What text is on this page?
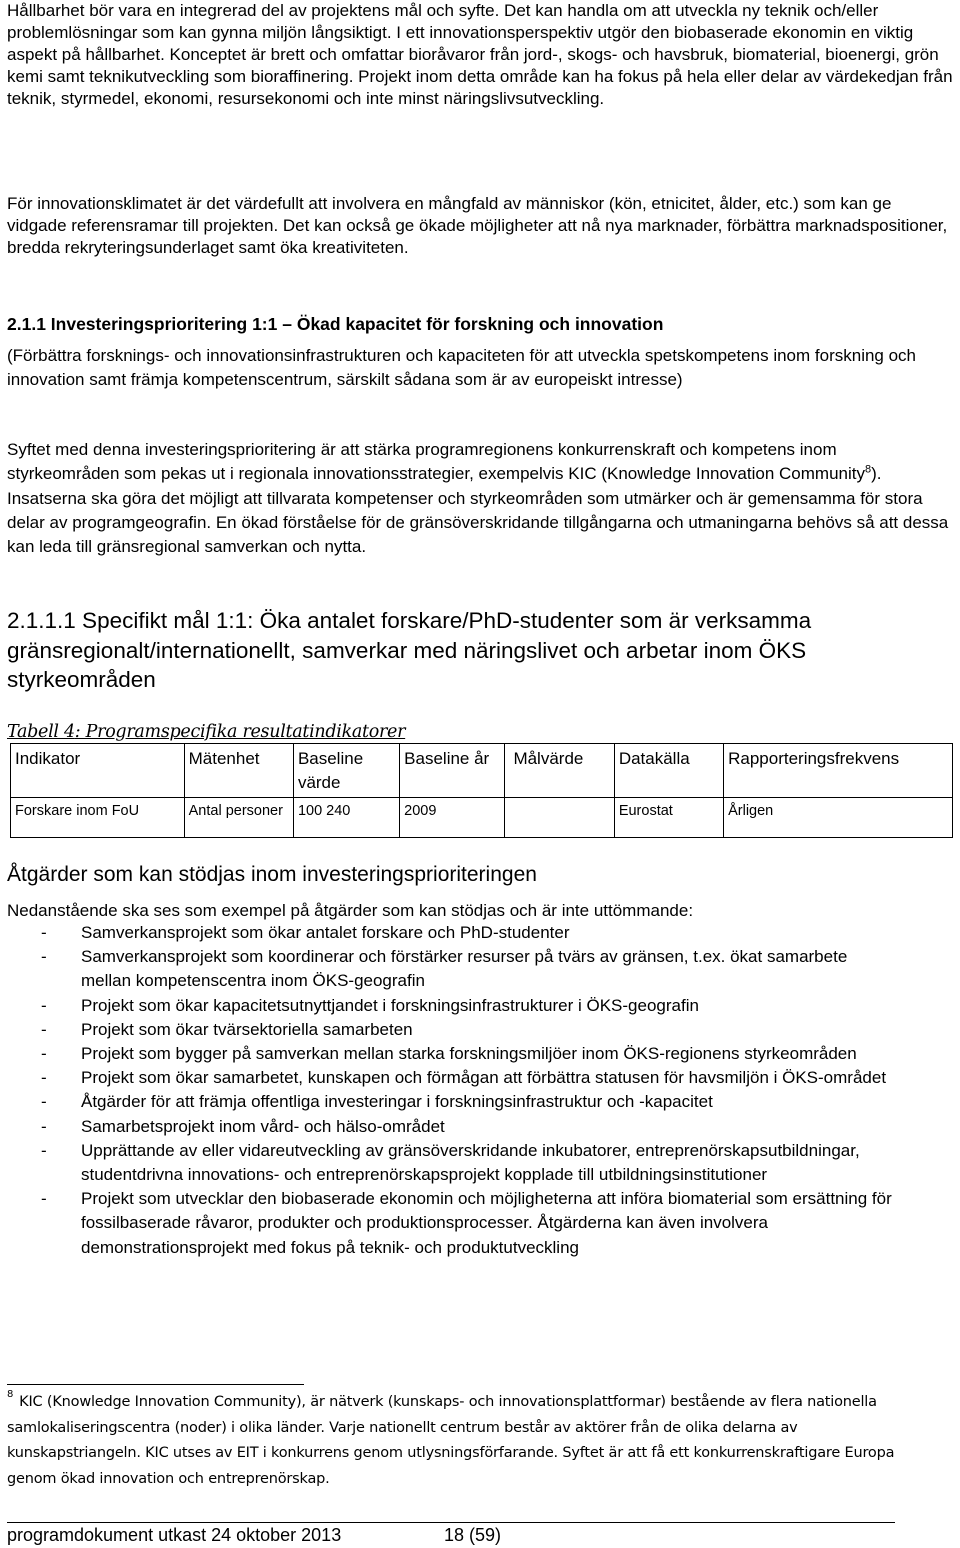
Hållbarhet bör vara en integrerad del av projektens mål och syfte. Det kan handla om att utveckla ny teknik och/eller problemlösningar som kan gynna miljön långsiktigt. I ett innovationsperspektiv utgör den biobaserade ekonomin en viktig aspekt på hållbarhet. Konceptet är brett och omfattar bioråvaror från jord-, skogs- och havsbruk, biomaterial, bioenergi, grön kemi samt teknikutveckling som bioraffinering. Projekt inom detta område kan ha fokus på hela eller delar av värdekedjan från teknik, styrmedel, ekonomi, resursekonomi och inte minst näringslivsutveckling.

För innovationsklimatet är det värdefullt att involvera en mångfald av människor (kön, etnicitet, ålder, etc.) som kan ge vidgade referensramar till projekten. Det kan också ge ökade möjligheter att nå nya marknader, förbättra marknadspositioner, bredda rekryteringsunderlaget samt öka kreativiteten.

2.1.1 Investeringsprioritering 1:1 – Ökad kapacitet för forskning och innovation

(Förbättra forsknings- och innovationsinfrastrukturen och kapaciteten för att utveckla spetskompetens inom forskning och innovation samt främja kompetenscentrum, särskilt sådana som är av europeiskt intresse)

Syftet med denna investeringsprioritering är att stärka programregionens konkurrenskraft och kompetens inom styrkeområden som pekas ut i regionala innovationsstrategier, exempelvis KIC (Knowledge Innovation Community$^8$). Insatserna ska göra det möjligt att tillvarata kompetenser och styrkeområden som utmärker och är gemensamma för stora delar av programgeografin. En ökad förståelse för de gränsöverskridande tillgångarna och utmaningarna behövs så att dessa kan leda till gränsregional samverkan och nytta.

2.1.1.1 Specifikt mål 1:1: Öka antalet forskare/PhD-studenter som är verksamma gränsregionalt/internationellt, samverkar med näringslivet och arbetar inom ÖKS styrkeområden
Tabell 4: Programspecifika resultatindikatorer
Indikator	Mätenhet	Baseline värde	Baseline år	Målvärde	Datakälla	Rapporteringsfrekvens
Forskare inom FoU	Antal personer	100 240	2009		Eurostat	Årligen
Åtgärder som kan stödjas inom investeringsprioriteringen

Nedanstående ska ses som exempel på åtgärder som kan stödjas och är inte uttömmande:

- Samverkansprojekt som ökar antalet forskare och PhD-studenter
- Samverkansprojekt som koordinerar och förstärker resurser på tvärs av gränsen, t.ex. ökat samarbete mellan kompetenscentra inom ÖKS-geografin
- Projekt som ökar kapacitetsutnyttjandet i forskningsinfrastrukturer i ÖKS-geografin
- Projekt som ökar tvärsektoriella samarbeten
- Projekt som bygger på samverkan mellan starka forskningsmiljöer inom ÖKS-regionens styrkeområden
- Projekt som ökar samarbetet, kunskapen och förmågan att förbättra statusen för havsmiljön i ÖKS-området
- Åtgärder för att främja offentliga investeringar i forskningsinfrastruktur och -kapacitet
- Samarbetsprojekt inom vård- och hälso-området
- Upprättande av eller vidareutveckling av gränsöverskridande inkubatorer, entreprenörskapsutbildningar, studentdrivna innovations- och entreprenörskapsprojekt kopplade till utbildningsinstitutioner
- Projekt som utvecklar den biobaserade ekonomin och möjligheterna att införa biomaterial som ersättning för fossilbaserade råvaror, produkter och produktionsprocesser. Åtgärderna kan även involvera demonstrationsprojekt med fokus på teknik- och produktutveckling

$^8$ KIC (Knowledge Innovation Community), är nätverk (kunskaps- och innovationsplattformar) bestående av flera nationella samlokaliseringscentra (noder) i olika länder. Varje nationellt centrum består av aktörer från de olika delarna av kunskapstriangeln. KIC utses av EIT i konkurrens genom utlysningsförfarande. Syftet är att få ett konkurrenskraftigare Europa genom ökad innovation och entreprenörskap.

programdokument utkast 24 oktober 2013	18 (59)
